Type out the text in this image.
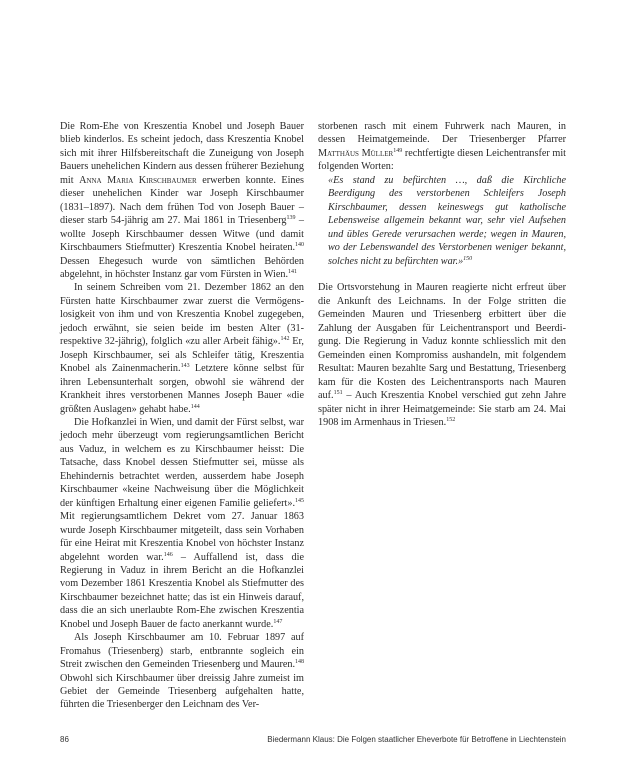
Die Rom-Ehe von Kreszentia Knobel und Joseph Bauer blieb kinderlos. Es scheint jedoch, dass Kreszentia Knobel sich mit ihrer Hilfsbereitschaft die Zuneigung von Joseph Bauers unehelichen Kindern aus dessen früherer Beziehung mit Anna Maria Kirschbaumer erwerben konnte. Eines dieser unehelichen Kinder war Joseph Kirschbaumer (1831–1897). Nach dem frühen Tod von Joseph Bauer – dieser starb 54-jährig am 27. Mai 1861 in Triesenberg$^{139}$ – wollte Joseph Kirschbaumer dessen Witwe (und damit Kirschbaumers Stiefmutter) Kreszentia Knobel heiraten.$^{140}$ Dessen Ehegesuch wurde von sämtlichen Behörden abgelehnt, in höchster Instanz gar vom Fürsten in Wien.$^{141}$

In seinem Schreiben vom 21. Dezember 1862 an den Fürsten hatte Kirschbaumer zwar zuerst die Vermögenslosigkeit von ihm und von Kreszentia Knobel zugegeben, jedoch erwähnt, sie seien beide im besten Alter (31- respektive 32-jährig), folglich «zu aller Arbeit fähig».$^{142}$ Er, Joseph Kirschbaumer, sei als Schleifer tätig, Kreszentia Knobel als Zainenmacherin.$^{143}$ Letztere könne selbst für ihren Lebensunterhalt sorgen, obwohl sie während der Krankheit ihres verstorbenen Mannes Joseph Bauer «die größten Auslagen» gehabt habe.$^{144}$

Die Hofkanzlei in Wien, und damit der Fürst selbst, war jedoch mehr überzeugt vom regierungsamtlichen Bericht aus Vaduz, in welchem es zu Kirschbaumer heisst: Die Tatsache, dass Knobel dessen Stiefmutter sei, müsse als Ehehindernis betrachtet werden, ausserdem habe Joseph Kirschbaumer «keine Nachweisung über die Möglichkeit der künftigen Erhaltung einer eigenen Familie geliefert».$^{145}$ Mit regierungsamtlichem Dekret vom 27. Januar 1863 wurde Joseph Kirschbaumer mitgeteilt, dass sein Vorhaben für eine Heirat mit Kreszentia Knobel von höchster Instanz abgelehnt worden war.$^{146}$ – Auffallend ist, dass die Regierung in Vaduz in ihrem Bericht an die Hofkanzlei vom Dezember 1861 Kreszentia Knobel als Stiefmutter des Kirschbaumer bezeichnet hatte; das ist ein Hinweis darauf, dass die an sich unerlaubte Rom-Ehe zwischen Kreszentia Knobel und Joseph Bauer de facto anerkannt wurde.$^{147}$

Als Joseph Kirschbaumer am 10. Februar 1897 auf Fromahus (Triesenberg) starb, entbrannte sogleich ein Streit zwischen den Gemeinden Triesenberg und Mauren.$^{148}$ Obwohl sich Kirschbaumer über dreissig Jahre zumeist im Gebiet der Gemeinde Triesenberg aufgehalten hatte, führten die Triesenberger den Leichnam des Ver-

storbenen rasch mit einem Fuhrwerk nach Mauren, in dessen Heimatgemeinde. Der Triesenberger Pfarrer Matthäus Müller$^{149}$ rechtfertigte diesen Leichentransfer mit folgenden Worten:

«Es stand zu befürchten …, daß die Kirchliche Beerdigung des verstorbenen Schleifers Joseph Kirschbaumer, dessen keineswegs gut katholische Lebensweise allgemein bekannt war, sehr viel Aufsehen und übles Gerede verursachen werde; wegen in Mauren, wo der Lebenswandel des Verstorbenen weniger bekannt, solches nicht zu befürchten war.»$^{150}$

Die Ortsvorstehung in Mauren reagierte nicht erfreut über die Ankunft des Leichnams. In der Folge stritten die Gemeinden Mauren und Triesenberg erbittert über die Zahlung der Ausgaben für Leichentransport und Beerdigung. Die Regierung in Vaduz konnte schliesslich mit den Gemeinden einen Kompromiss aushandeln, mit folgendem Resultat: Mauren bezahlte Sarg und Bestattung, Triesenberg kam für die Kosten des Leichentransports nach Mauren auf.$^{151}$ – Auch Kreszentia Knobel verschied gut zehn Jahre später nicht in ihrer Heimatgemeinde: Sie starb am 24. Mai 1908 im Armenhaus in Triesen.$^{152}$

86	Biedermann Klaus: Die Folgen staatlicher Eheverbote für Betroffene in Liechtenstein
